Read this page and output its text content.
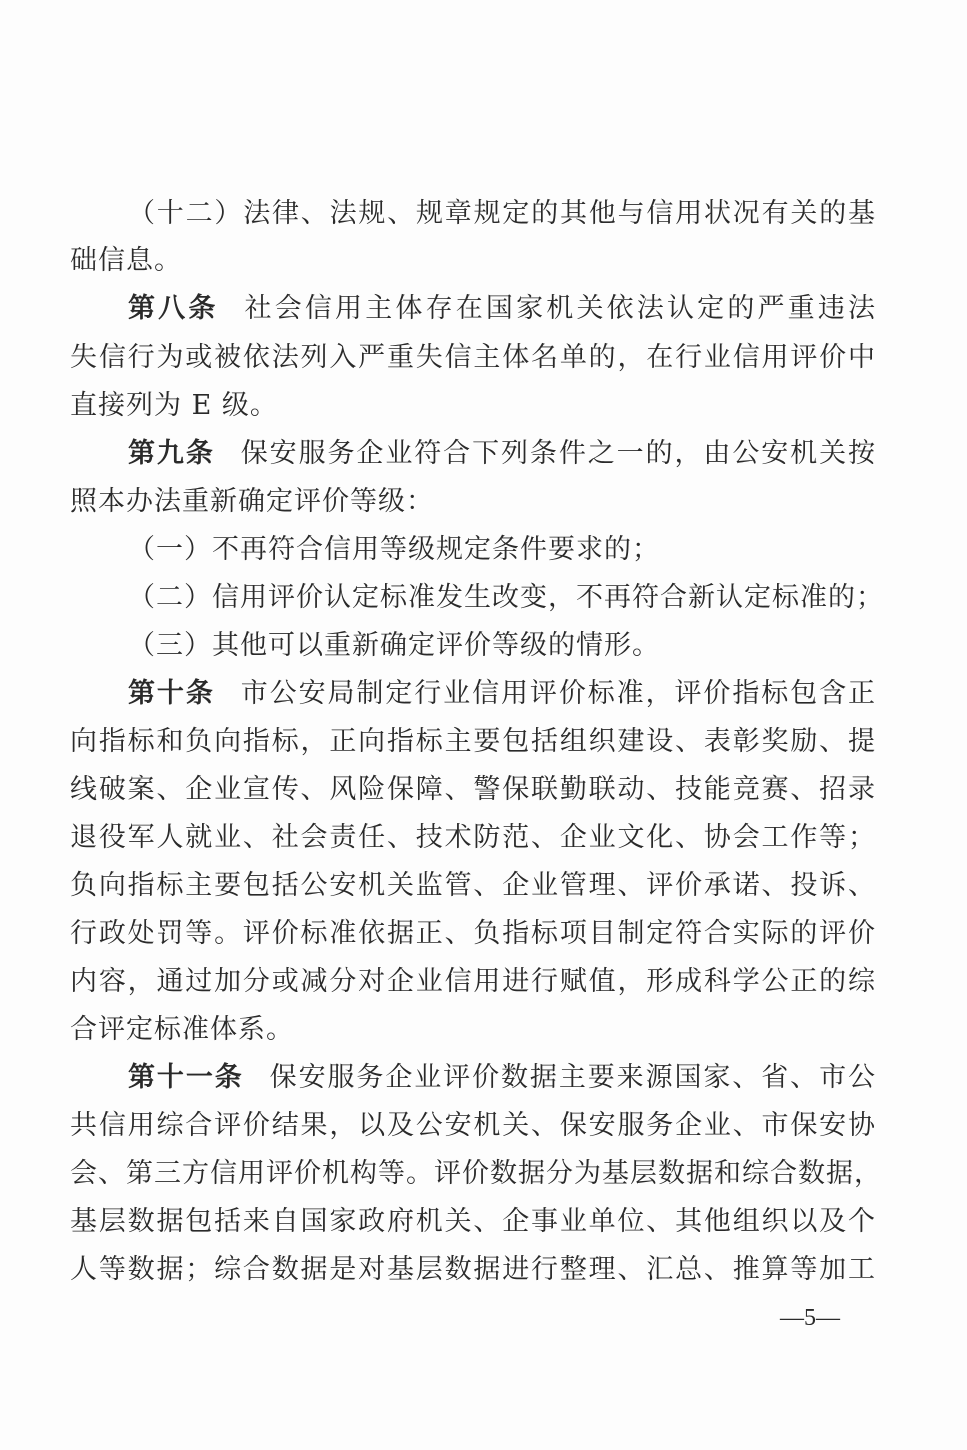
（十二）法律、法规、规章规定的其他与信用状况有关的基
础信息。
第八条 社会信用主体存在国家机关依法认定的严重违法
失信行为或被依法列入严重失信主体名单的，在行业信用评价中
直接列为 E 级。
第九条 保安服务企业符合下列条件之一的，由公安机关按
照本办法重新确定评价等级：
（一）不再符合信用等级规定条件要求的；
（二）信用评价认定标准发生改变，不再符合新认定标准的；
（三）其他可以重新确定评价等级的情形。
第十条 市公安局制定行业信用评价标准，评价指标包含正
向指标和负向指标，正向指标主要包括组织建设、表彰奖励、提
线破案、企业宣传、风险保障、警保联勤联动、技能竞赛、招录
退役军人就业、社会责任、技术防范、企业文化、协会工作等；
负向指标主要包括公安机关监管、企业管理、评价承诺、投诉、
行政处罚等。评价标准依据正、负指标项目制定符合实际的评价
内容，通过加分或减分对企业信用进行赋值，形成科学公正的综
合评定标准体系。
第十一条 保安服务企业评价数据主要来源国家、省、市公
共信用综合评价结果，以及公安机关、保安服务企业、市保安协
会、第三方信用评价机构等。评价数据分为基层数据和综合数据，
基层数据包括来自国家政府机关、企事业单位、其他组织以及个
人等数据；综合数据是对基层数据进行整理、汇总、推算等加工
—5—
